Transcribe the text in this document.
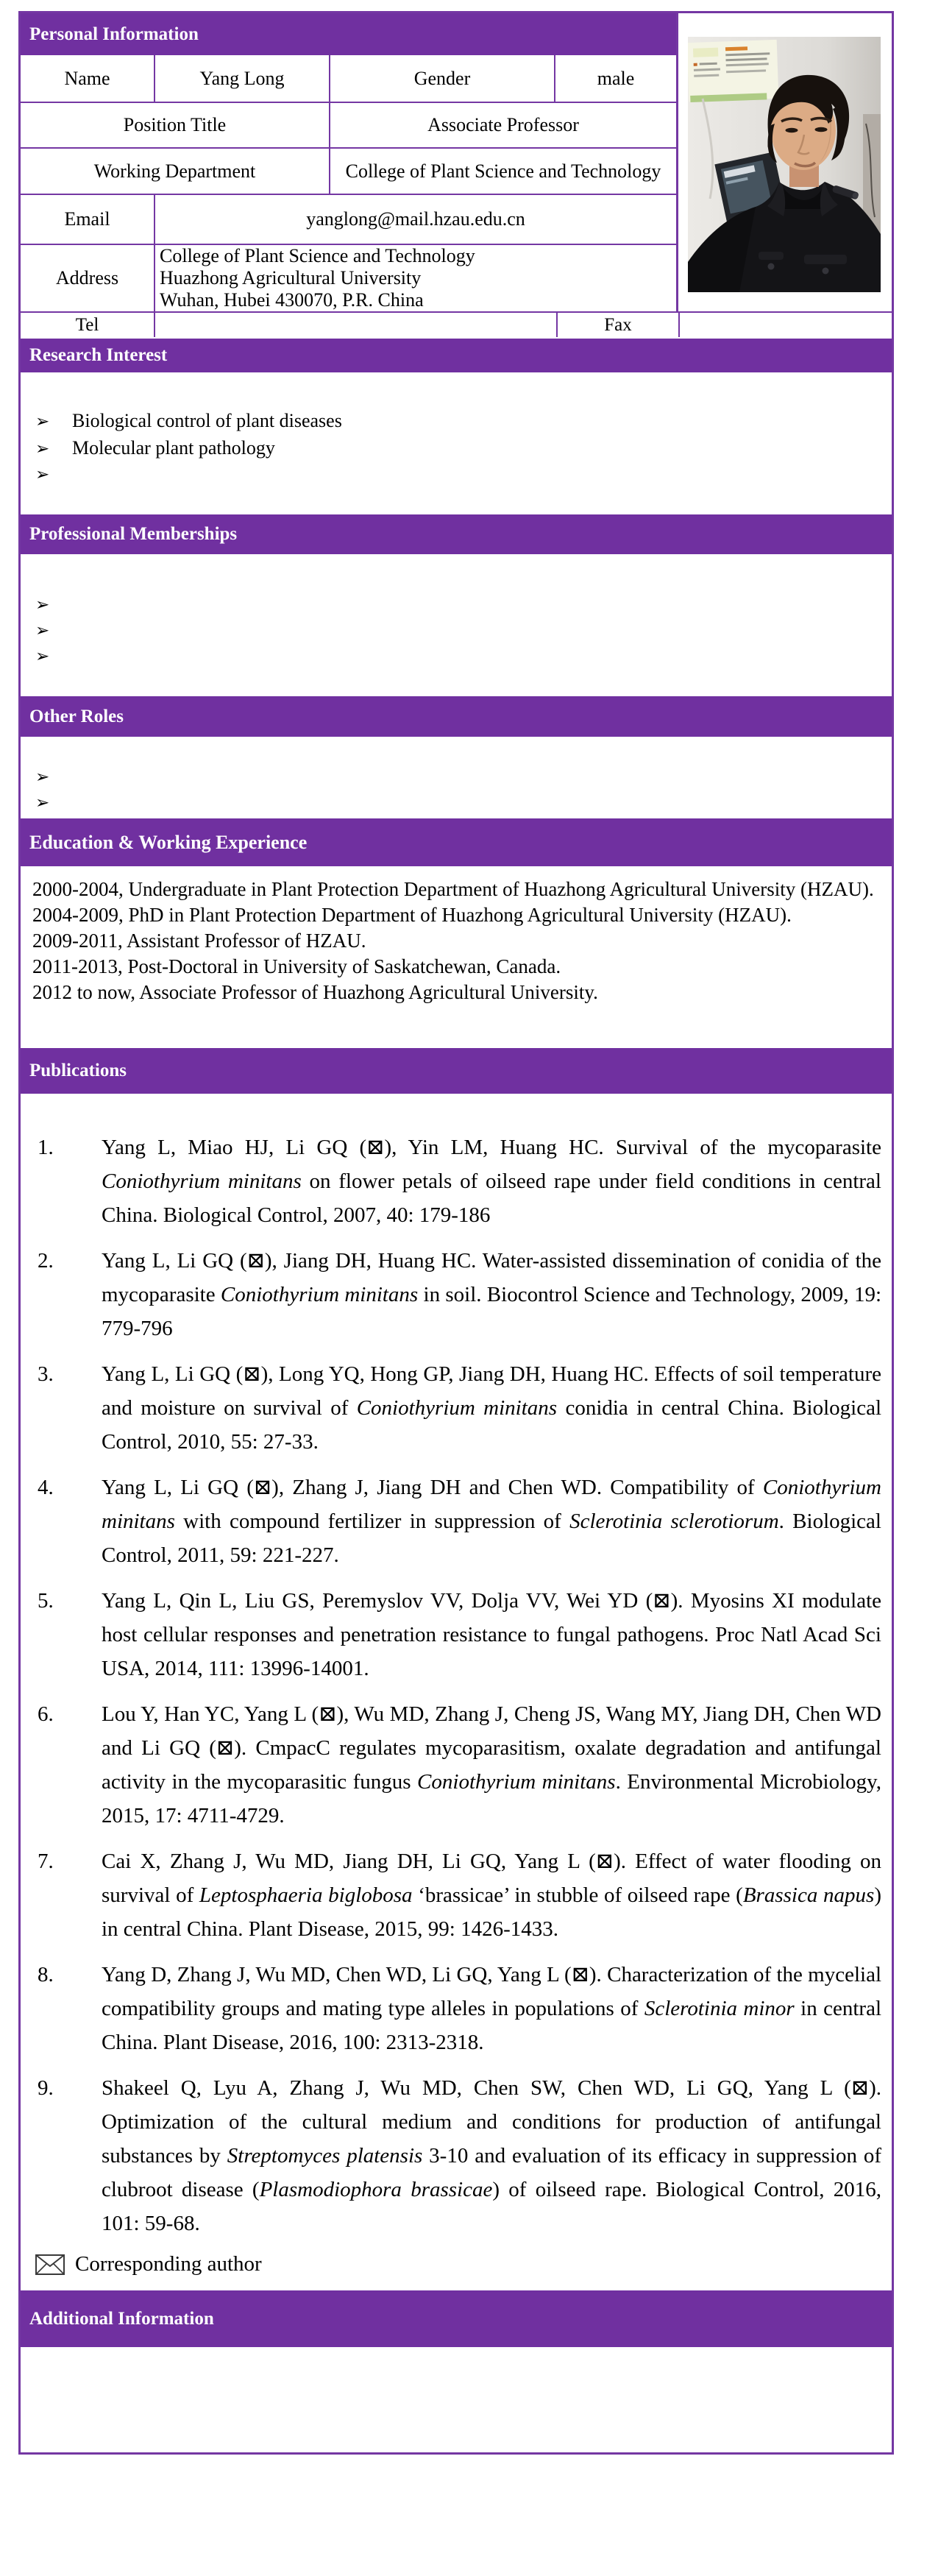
Personal Information
Name	Yang Long	Gender	male
Position Title	Associate Professor
Working Department	College of Plant Science and Technology
Email	yanglong@mail.hzau.edu.cn
Address
College of Plant Science and Technology
Huazhong Agricultural University
Wuhan, Hubei 430070, P.R. China
Tel	Fax
Research Interest
➢	Biological control of plant diseases
➢	Molecular plant pathology
➢
Professional Memberships
➢
➢
➢
Other Roles
➢
➢
Education & Working Experience

2000-2004, Undergraduate in Plant Protection Department of Huazhong Agricultural University (HZAU).

2004-2009, PhD in Plant Protection Department of Huazhong Agricultural University (HZAU).

2009-2011, Assistant Professor of HZAU.

2011-2013, Post-Doctoral in University of Saskatchewan, Canada.

2012 to now, Associate Professor of Huazhong Agricultural University.

Publications
1.	Yang L, Miao HJ, Li GQ (⊠), Yin LM, Huang HC. Survival of the mycoparasite Coniothyrium minitans on flower petals of oilseed rape under field conditions in central China. Biological Control, 2007, 40: 179-186
2.	Yang L, Li GQ (⊠), Jiang DH, Huang HC. Water-assisted dissemination of conidia of the mycoparasite Coniothyrium minitans in soil. Biocontrol Science and Technology, 2009, 19: 779-796
3.	Yang L, Li GQ (⊠), Long YQ, Hong GP, Jiang DH, Huang HC. Effects of soil temperature and moisture on survival of Coniothyrium minitans conidia in central China. Biological Control, 2010, 55: 27-33.
4.	Yang L, Li GQ (⊠), Zhang J, Jiang DH and Chen WD. Compatibility of Coniothyrium minitans with compound fertilizer in suppression of Sclerotinia sclerotiorum. Biological Control, 2011, 59: 221-227.
5.	Yang L, Qin L, Liu GS, Peremyslov VV, Dolja VV, Wei YD (⊠). Myosins XI modulate host cellular responses and penetration resistance to fungal pathogens. Proc Natl Acad Sci USA, 2014, 111: 13996-14001.
6.	Lou Y, Han YC, Yang L (⊠), Wu MD, Zhang J, Cheng JS, Wang MY, Jiang DH, Chen WD and Li GQ (⊠). CmpacC regulates mycoparasitism, oxalate degradation and antifungal activity in the mycoparasitic fungus Coniothyrium minitans. Environmental Microbiology, 2015, 17: 4711-4729.
7.	Cai X, Zhang J, Wu MD, Jiang DH, Li GQ, Yang L (⊠). Effect of water flooding on survival of Leptosphaeria biglobosa ‘brassicae’ in stubble of oilseed rape (Brassica napus) in central China. Plant Disease, 2015, 99: 1426-1433.
8.	Yang D, Zhang J, Wu MD, Chen WD, Li GQ, Yang L (⊠). Characterization of the mycelial compatibility groups and mating type alleles in populations of Sclerotinia minor in central China. Plant Disease, 2016, 100: 2313-2318.
9.	Shakeel Q, Lyu A, Zhang J, Wu MD, Chen SW, Chen WD, Li GQ, Yang L (⊠). Optimization of the cultural medium and conditions for production of antifungal substances by Streptomyces platensis 3-10 and evaluation of its efficacy in suppression of clubroot disease (Plasmodiophora brassicae) of oilseed rape. Biological Control, 2016, 101: 59-68.
Corresponding author
Additional Information
